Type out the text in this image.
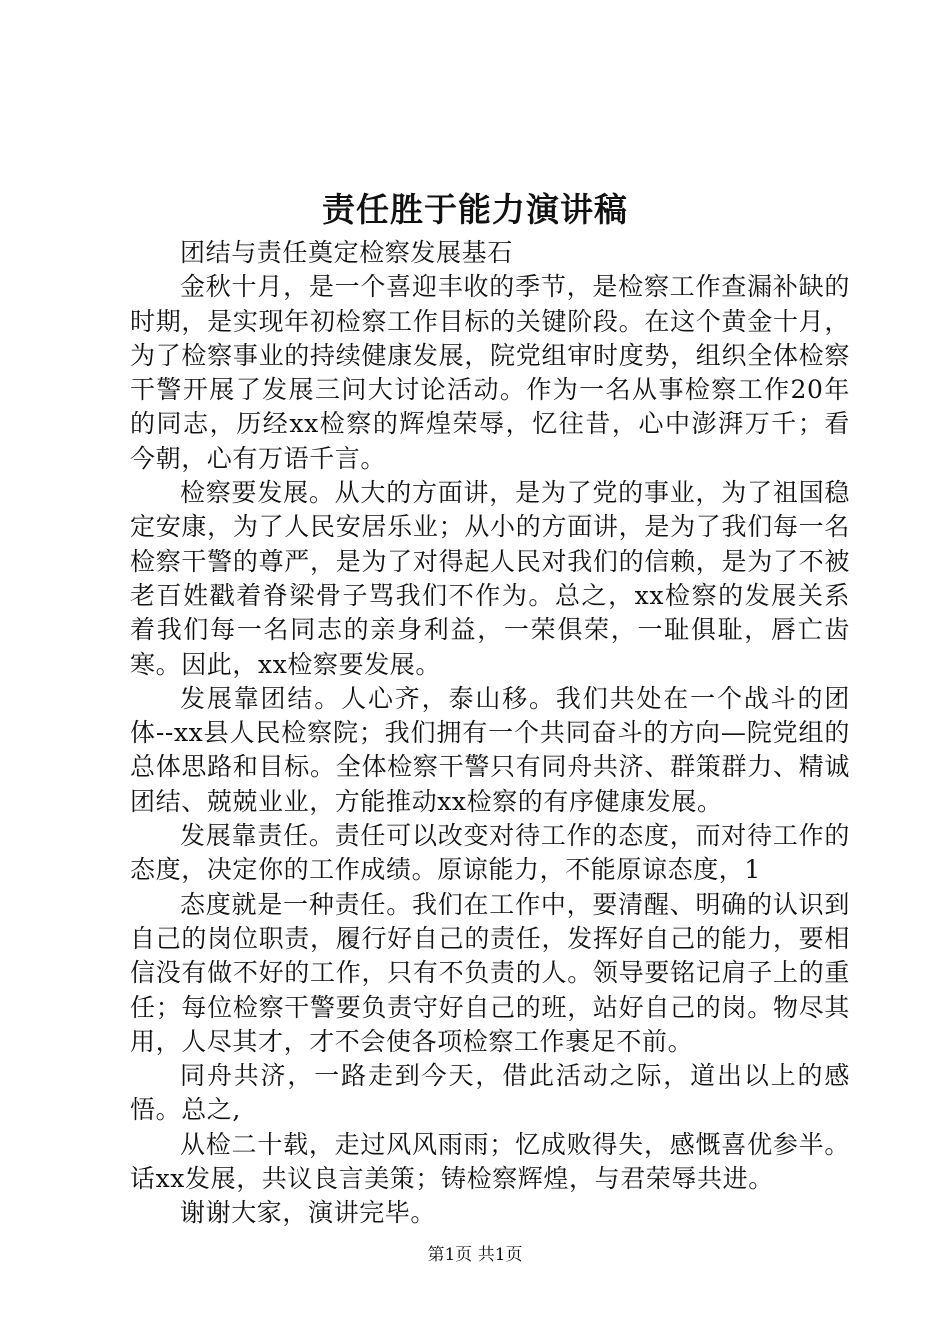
责任胜于能力演讲稿

团结与责任奠定检察发展基石

金秋十月，是一个喜迎丰收的季节，是检察工作查漏补缺的时期，是实现年初检察工作目标的关键阶段。在这个黄金十月，为了检察事业的持续健康发展，院党组审时度势，组织全体检察干警开展了发展三问大讨论活动。作为一名从事检察工作20年的同志，历经xx检察的辉煌荣辱，忆往昔，心中澎湃万千；看今朝，心有万语千言。

检察要发展。从大的方面讲，是为了党的事业，为了祖国稳定安康，为了人民安居乐业；从小的方面讲，是为了我们每一名检察干警的尊严，是为了对得起人民对我们的信赖，是为了不被老百姓戳着脊梁骨子骂我们不作为。总之，xx检察的发展关系着我们每一名同志的亲身利益，一荣俱荣，一耻俱耻，唇亡齿寒。因此，xx检察要发展。

发展靠团结。人心齐，泰山移。我们共处在一个战斗的团体--xx县人民检察院；我们拥有一个共同奋斗的方向—院党组的总体思路和目标。全体检察干警只有同舟共济、群策群力、精诚团结、兢兢业业，方能推动xx检察的有序健康发展。

发展靠责任。责任可以改变对待工作的态度，而对待工作的态度，决定你的工作成绩。原谅能力，不能原谅态度，1

态度就是一种责任。我们在工作中，要清醒、明确的认识到自己的岗位职责，履行好自己的责任，发挥好自己的能力，要相信没有做不好的工作，只有不负责的人。领导要铭记肩子上的重任；每位检察干警要负责守好自己的班，站好自己的岗。物尽其用，人尽其才，才不会使各项检察工作裹足不前。

同舟共济，一路走到今天，借此活动之际，道出以上的感悟。总之,

从检二十载，走过风风雨雨；忆成败得失，感慨喜优参半。话xx发展，共议良言美策；铸检察辉煌，与君荣辱共进。

谢谢大家，演讲完毕。

第1页 共1页
